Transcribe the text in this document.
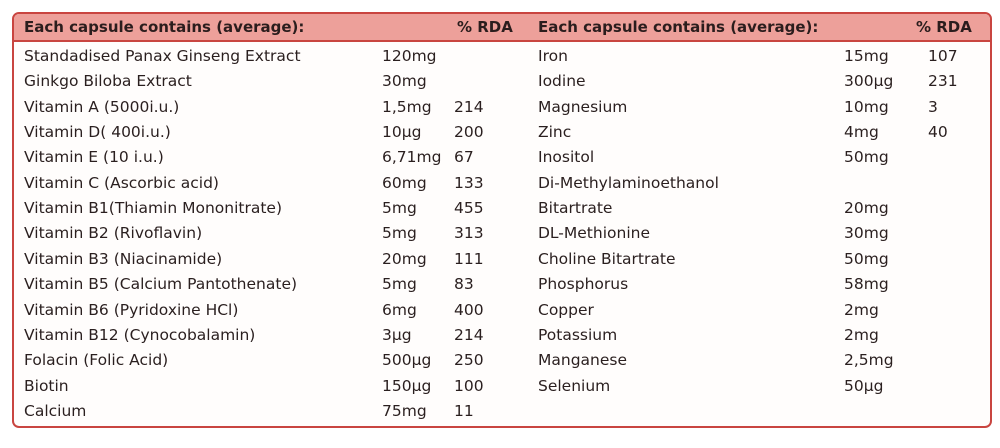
Each capsule contains (average):	% RDA Each capsule contains (average):	% RDA
Standadised Panax Ginseng Extract	120mg
Ginkgo Biloba Extract	30mg
Vitamin A (5000i.u.)	1,5mg 214
Vitamin D( 400i.u.)	10μg 200
Vitamin E (10 i.u.)	6,71mg 67
Vitamin C (Ascorbic acid)	60mg 133
Vitamin B1(Thiamin Mononitrate)	5mg 455
Vitamin B2 (Rivoflavin)	5mg 313
Vitamin B3 (Niacinamide)	20mg 111
Vitamin B5 (Calcium Pantothenate)	5mg 83
Vitamin B6 (Pyridoxine HCl)	6mg 400
Vitamin B12 (Cynocobalamin)	3μg	214
Folacin (Folic Acid)	500μg 250
Biotin	150μg 100
Calcium	75mg 11
Iron	15mg	107
Iodine	300μg 231
Magnesium	10mg	3
Zinc	4mg	40
Inositol	50mg
Di-Methylaminoethanol
Bitartrate	20mg
DL-Methionine	30mg
Choline Bitartrate	50mg
Phosphorus	58mg
Copper	2mg
Potassium	2mg
Manganese	2,5mg
Selenium	50μg
